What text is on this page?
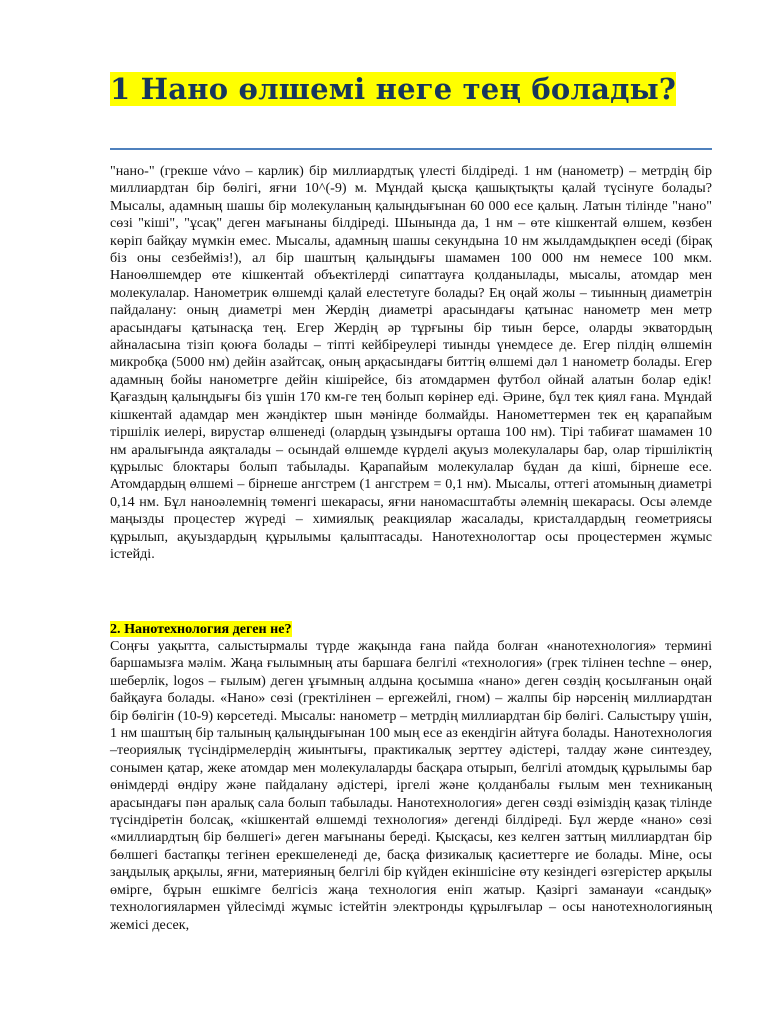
1 Нано өлшемі неге тең болады?

"нано-" (грекше νάνο – карлик) бір миллиардтық үлесті білдіреді. 1 нм (нанометр) – метрдің бір миллиардтан бір бөлігі, яғни 10^(-9) м. Мұндай қысқа қашықтықты қалай түсінуге болады? Мысалы, адамның шашы бір молекуланың қалыңдығынан 60 000 есе қалың. Латын тілінде "нано" сөзі "кіші", "ұсақ" деген мағынаны білдіреді. Шынында да, 1 нм – өте кішкентай өлшем, көзбен көріп байқау мүмкін емес. Мысалы, адамның шашы секундына 10 нм жылдамдықпен өседі (бірақ біз оны сезбейміз!), ал бір шаштың қалыңдығы шамамен 100 000 нм немесе 100 мкм. Наноөлшемдер өте кішкентай объектілерді сипаттауға қолданылады, мысалы, атомдар мен молекулалар. Нанометрик өлшемді қалай елестетуге болады? Ең оңай жолы – тиынның диаметрін пайдалану: оның диаметрі мен Жердің диаметрі арасындағы қатынас нанометр мен метр арасындағы қатынасқа тең. Егер Жердің әр тұрғыны бір тиын берсе, оларды экватордың айналасына тізіп қоюға болады – тіпті кейбіреулері тиынды үнемдесе де. Егер пілдің өлшемін микробқа (5000 нм) дейін азайтсақ, оның арқасындағы биттің өлшемі дәл 1 нанометр болады. Егер адамның бойы нанометрге дейін кішірейсе, біз атомдармен футбол ойнай алатын болар едік! Қағаздың қалыңдығы біз үшін 170 км-ге тең болып көрінер еді. Әрине, бұл тек қиял ғана. Мұндай кішкентай адамдар мен жәндіктер шын мәнінде болмайды. Нанометтермен тек ең қарапайым тіршілік иелері, вирустар өлшенеді (олардың ұзындығы орташа 100 нм). Тірі табиғат шамамен 10 нм аралығында аяқталады – осындай өлшемде күрделі ақуыз молекулалары бар, олар тіршіліктің құрылыс блоктары болып табылады. Қарапайым молекулалар бұдан да кіші, бірнеше есе. Атомдардың өлшемі – бірнеше ангстрем (1 ангстрем = 0,1 нм). Мысалы, оттегі атомының диаметрі 0,14 нм. Бұл наноәлемнің төменгі шекарасы, яғни наномасштабты әлемнің шекарасы. Осы әлемде маңызды процестер жүреді – химиялық реакциялар жасалады, кристалдардың геометриясы құрылып, ақуыздардың құрылымы қалыптасады. Нанотехнологтар осы процестермен жұмыс істейді.

2. Нанотехнология деген не?

Соңғы уақытта, салыстырмалы түрде жақында ғана пайда болған «нанотехнология» термині баршамызға мәлім. Жаңа ғылымның аты баршаға белгілі «технология» (грек тілінен techne – өнер, шеберлік, logos – ғылым) деген ұғымның алдына қосымша «нано» деген сөздің қосылғанын оңай байқауға болады. «Нано» сөзі (гректілінен – ергежейлі, гном) – жалпы бір нәрсенің миллиардтан бір бөлігін (10-9) көрсетеді. Мысалы: нанометр – метрдің миллиардтан бір бөлігі. Салыстыру үшін, 1 нм шаштың бір талының қалыңдығынан 100 мың есе аз екендігін айтуға болады. Нанотехнология –теориялық түсіндірмелердің жиынтығы, практикалық зерттеу әдістері, талдау және синтездеу, сонымен қатар, жеке атомдар мен молекулаларды басқара отырып, белгілі атомдық құрылымы бар өнімдерді өндіру және пайдалану әдістері, іргелі және қолданбалы ғылым мен техниканың арасындағы пән аралық сала болып табылады. Нанотехнология» деген сөзді өзіміздің қазақ тілінде түсіндіретін болсақ, «кішкентай өлшемді технология» дегенді білдіреді. Бұл жерде «нано» сөзі «миллиардтың бір бөлшегі» деген мағынаны береді. Қысқасы, кез келген заттың миллиардтан бір бөлшегі бастапқы тегінен ерекшеленеді де, басқа физикалық қасиеттерге ие болады. Міне, осы заңдылық арқылы, яғни, материяның белгілі бір күйден екіншісіне өту кезіндегі өзгерістер арқылы өмірге, бұрын ешкімге белгісіз жаңа технология еніп жатыр. Қазіргі заманауи «сандық» технологиялармен үйлесімді жұмыс істейтін электронды құрылғылар – осы нанотехнологияның жемісі десек,
